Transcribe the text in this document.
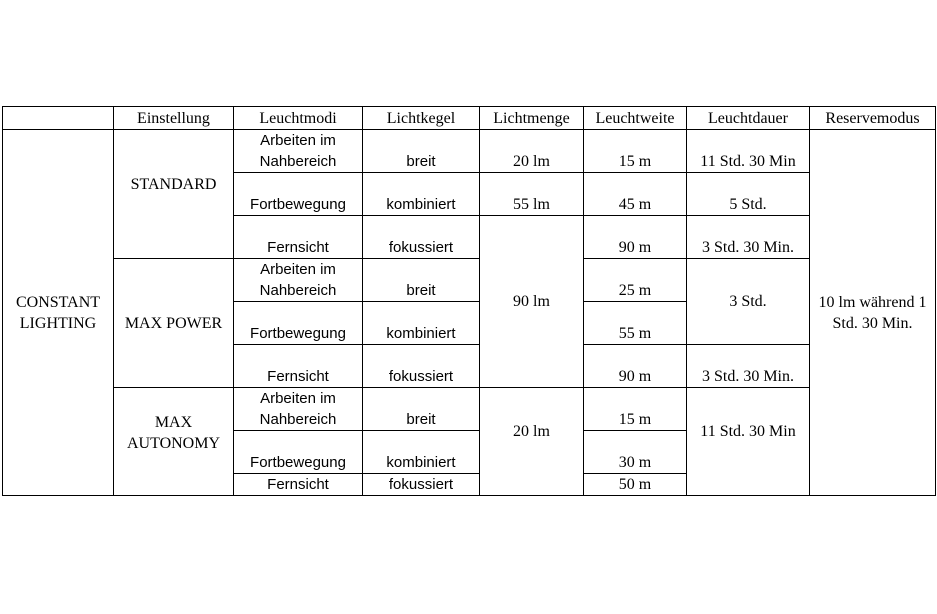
	Einstellung	Leuchtmodi	Lichtkegel	Lichtmenge	Leuchtweite	Leuchtdauer	Reservemodus
CONSTANT LIGHTING	STANDARD	Arbeiten im Nahbereich	breit	20 lm	15 m	11 Std. 30 Min	10 lm während 1 Std. 30 Min.
		Fortbewegung	kombiniert	55 lm	45 m	5 Std.	
		Fernsicht	fokussiert	90 lm	90 m	3 Std. 30 Min.	
	MAX POWER	Arbeiten im Nahbereich	breit		25 m	3 Std.	
		Fortbewegung	kombiniert		55 m		
		Fernsicht	fokussiert		90 m	3 Std. 30 Min.	
	MAX AUTONOMY	Arbeiten im Nahbereich	breit	20 lm	15 m	11 Std. 30 Min	
		Fortbewegung	kombiniert		30 m		
		Fernsicht	fokussiert		50 m		
